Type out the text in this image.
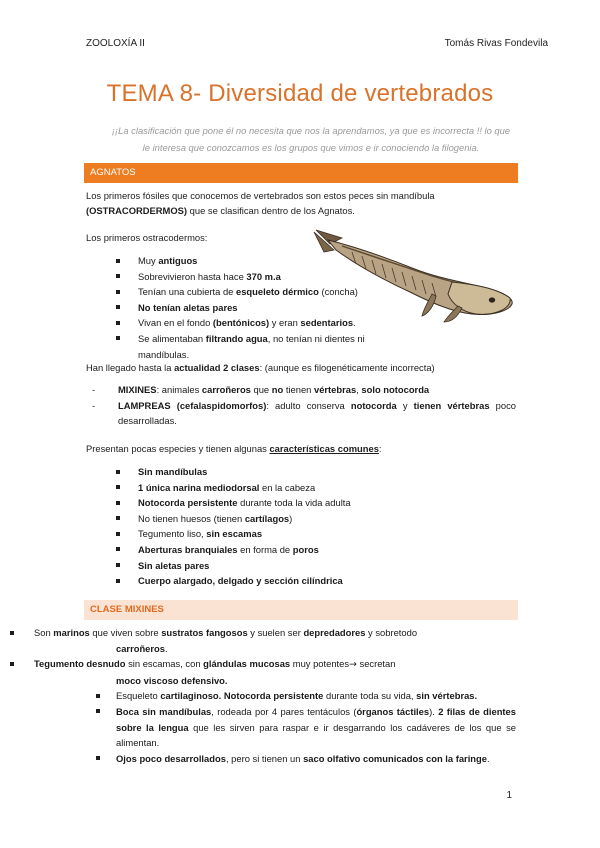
ZOOLOXÍA II	Tomás Rivas Fondevila
TEMA 8- Diversidad de vertebrados
¡¡La clasificación que pone él no necesita que nos la aprendamos, ya que es incorrecta !! lo que le interesa que conozcamos es los grupos que vimos e ir conociendo la filogenia.
AGNATOS
Los primeros fósiles que conocemos de vertebrados son estos peces sin mandíbula (OSTRACORDERMOS) que se clasifican dentro de los Agnatos.
Los primeros ostracodermos:
Muy antiguos
Sobrevivieron hasta hace 370 m.a
Tenían una cubierta de esqueleto dérmico (concha)
No tenían aletas pares
Vivan en el fondo (bentónicos) y eran sedentarios.
Se alimentaban filtrando agua, no tenían ni dientes ni mandíbulas.
Han llegado hasta la actualidad 2 clases: (aunque es filogenéticamente incorrecta)
- MIXINES: animales carroñeros que no tienen vértebras, solo notocorda
- LAMPREAS (cefalaspidomorfos): adulto conserva notocorda y tienen vértebras poco desarrolladas.
Presentan pocas especies y tienen algunas características comunes:
Sin mandíbulas
1 única narina mediodorsal en la cabeza
Notocorda persistente durante toda la vida adulta
No tienen huesos (tienen cartílagos)
Tegumento liso, sin escamas
Aberturas branquiales en forma de poros
Sin aletas pares
Cuerpo alargado, delgado y sección cilíndrica
CLASE MIXINES
Son marinos que viven sobre sustratos fangosos y suelen ser depredadores y sobretodo
carroñeros.
Tegumento desnudo sin escamas, con glándulas mucosas muy potentes→ secretan
moco viscoso defensivo.
Esqueleto cartilaginoso. Notocorda persistente durante toda su vida, sin vértebras.
Boca sin mandíbulas, rodeada por 4 pares tentáculos (órganos táctiles). 2 filas de dientes sobre la lengua que les sirven para raspar e ir desgarrando los cadáveres de los que se alimentan.
Ojos poco desarrollados, pero si tienen un saco olfativo comunicados con la faringe.
1
